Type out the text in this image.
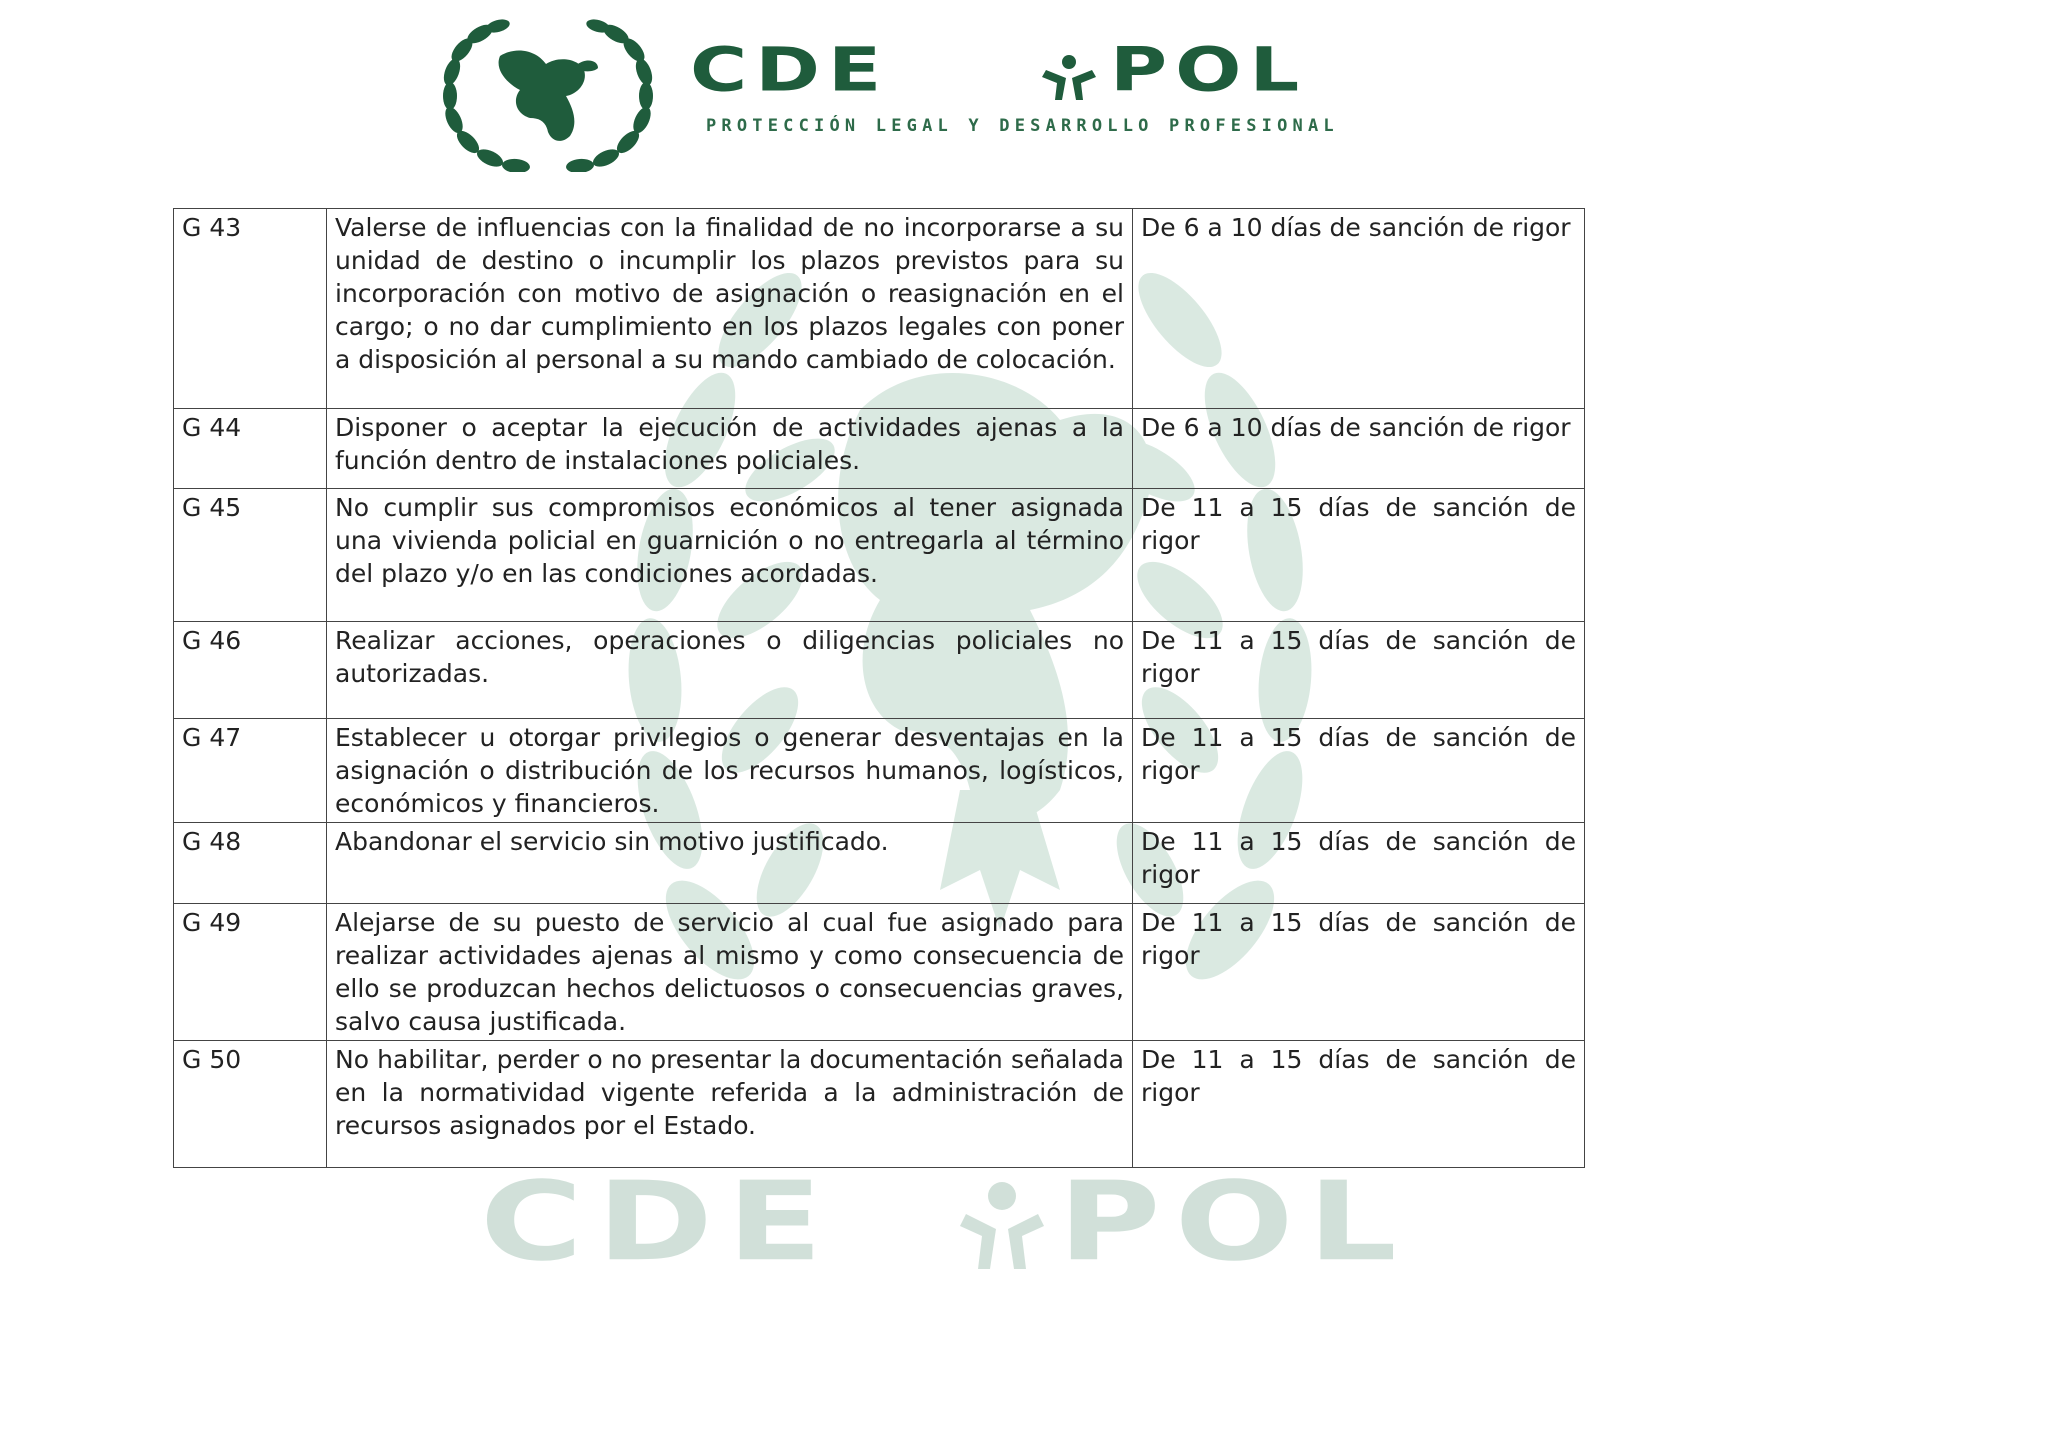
CDE POL
CDE	POL
PROTECCIÓN LEGAL Y DESARROLLO PROFESIONAL
G 43	Valerse de influencias con la finalidad de no incorporarse a su unidad de destino o incumplir los plazos previstos para su incorporación con motivo de asignación o reasignación en el cargo; o no dar cumplimiento en los plazos legales con poner a disposición al personal a su mando cambiado de colocación.	De 6 a 10 días de sanción de rigor
G 44	Disponer o aceptar la ejecución de actividades ajenas a la función dentro de instalaciones policiales.	De 6 a 10 días de sanción de rigor
G 45	No cumplir sus compromisos económicos al tener asignada una vivienda policial en guarnición o no entregarla al término del plazo y/o en las condiciones acordadas.	De 11 a 15 días de sanción de rigor
G 46	Realizar acciones, operaciones o diligencias policiales no autorizadas.	De 11 a 15 días de sanción de rigor
G 47	Establecer u otorgar privilegios o generar desventajas en la asignación o distribución de los recursos humanos, logísticos, económicos y financieros.	De 11 a 15 días de sanción de rigor
G 48	Abandonar el servicio sin motivo justificado.	De 11 a 15 días de sanción de rigor
G 49	Alejarse de su puesto de servicio al cual fue asignado para realizar actividades ajenas al mismo y como consecuencia de ello se produzcan hechos delictuosos o consecuencias graves, salvo causa justificada.	De 11 a 15 días de sanción de rigor
G 50	No habilitar, perder o no presentar la documentación señalada en la normatividad vigente referida a la administración de recursos asignados por el Estado.	De 11 a 15 días de sanción de rigor
